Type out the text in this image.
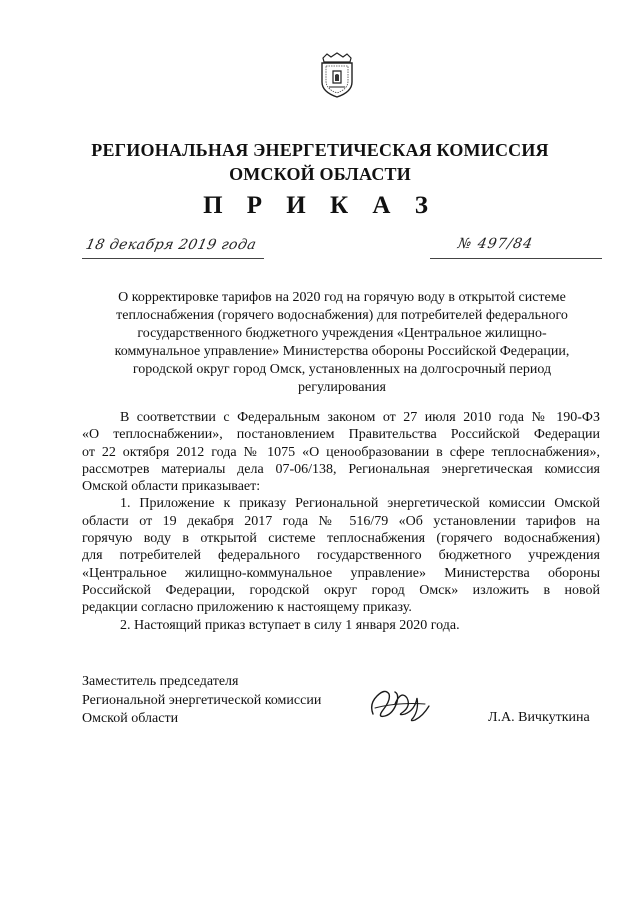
РЕГИОНАЛЬНАЯ ЭНЕРГЕТИЧЕСКАЯ КОМИССИЯ
ОМСКОЙ ОБЛАСТИ
П Р И К А З
18 декабря 2019 года	№ 497/84
О корректировке тарифов на 2020 год на горячую воду в открытой системе
теплоснабжения (горячего водоснабжения) для потребителей федерального
государственного бюджетного учреждения «Центральное жилищно-
коммунальное управление» Министерства обороны Российской Федерации,
городской округ город Омск, установленных на долгосрочный период
регулирования
В соответствии с Федеральным законом от 27 июля 2010 года № 190-ФЗ
«О теплоснабжении», постановлением Правительства Российской Федерации
от 22 октября 2012 года № 1075 «О ценообразовании в сфере теплоснабжения»,
рассмотрев материалы дела 07-06/138, Региональная энергетическая комиссия
Омской области приказывает:
1. Приложение к приказу Региональной энергетической комиссии Омской
области от 19 декабря 2017 года № 516/79 «Об установлении тарифов на
горячую воду в открытой системе теплоснабжения (горячего водоснабжения)
для потребителей федерального государственного бюджетного учреждения
«Центральное жилищно-коммунальное управление» Министерства обороны
Российской Федерации, городской округ город Омск» изложить в новой
редакции согласно приложению к настоящему приказу.
2. Настоящий приказ вступает в силу 1 января 2020 года.
Заместитель председателя
Региональной энергетической комиссии
Омской области	Л.А. Вичкуткина
